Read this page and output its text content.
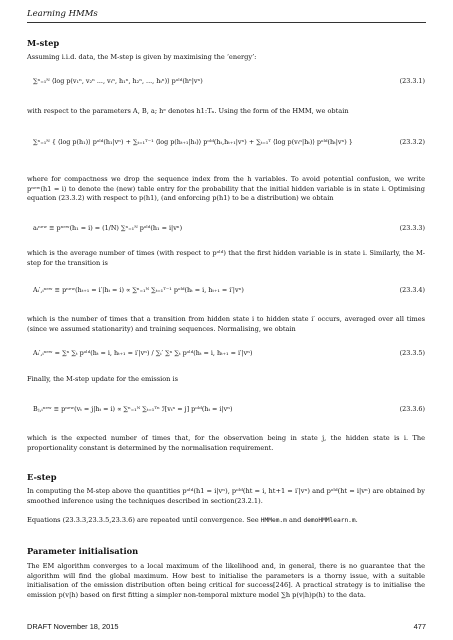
Learning HMMs
M-step
Assuming i.i.d. data, the M-step is given by maximising the ‘energy’:
∑ⁿ₌₁ᴺ ⟨log p(v₁ⁿ, v₂ⁿ ..., vₜⁿ, h₁ⁿ, h₂ⁿ, ..., hₜⁿ)⟩ pᵒˡᵈ(hⁿ|vⁿ)	(23.3.1)
with respect to the parameters A, B, a; hᵉ denotes h1:Tₙ. Using the form of the HMM, we obtain
∑ⁿ₌₁ᴺ { ⟨log p(h₁)⟩ pᵒˡᵈ(h₁|vⁿ) + ∑ₜ₌₁ᵀ⁻¹ ⟨log p(hₜ₊₁|hₜ)⟩ pᵒˡᵈ(hₜ,hₜ₊₁|vⁿ) + ∑ₜ₌₁ᵀ ⟨log p(vₜⁿ|hₜ)⟩ pᵒˡᵈ(hₜ|vⁿ) }	(23.3.2)
where for compactness we drop the sequence index from the h variables. To avoid potential confusion, we write pⁿᵉʷ(h1 = i) to denote the (new) table entry for the probability that the initial hidden variable is in state i. Optimising equation (23.3.2) with respect to p(h1), (and enforcing p(h1) to be a distribution) we obtain
aᵢⁿᵉʷ ≡ pⁿᵉʷ(h₁ = i) = (1/N) ∑ⁿ₌₁ᴺ pᵒˡᵈ(h₁ = i|vⁿ)	(23.3.3)
which is the average number of times (with respect to pᵒˡᵈ) that the first hidden variable is in state i. Similarly, the M-step for the transition is
Aᵢ′,ᵢⁿᵉʷ ≡ pⁿᵉʷ(hₜ₊₁ = i′|hₜ = i) ∝ ∑ⁿ₌₁ᴺ ∑ₜ₌₁ᵀ⁻¹ pᵒˡᵈ(hₜ = i, hₜ₊₁ = i′|vⁿ)	(23.3.4)
which is the number of times that a transition from hidden state i to hidden state i′ occurs, averaged over all times (since we assumed stationarity) and training sequences. Normalising, we obtain
Aᵢ′,ᵢⁿᵉʷ = ∑ⁿ ∑ₜ pᵒˡᵈ(hₜ = i, hₜ₊₁ = i′|vⁿ) / ∑ᵢ′ ∑ⁿ ∑ₜ pᵒˡᵈ(hₜ = i, hₜ₊₁ = i′|vⁿ)	(23.3.5)
Finally, the M-step update for the emission is
Bⱼ,ᵢⁿᵉʷ ≡ pⁿᵉʷ(vₜ = j|hₜ = i) ∝ ∑ⁿ₌₁ᴺ ∑ₜ₌₁ᵀⁿ ℐ[vₜⁿ = j] pᵒˡᵈ(hₜ = i|vⁿ)	(23.3.6)
which is the expected number of times that, for the observation being in state j, the hidden state is i. The proportionality constant is determined by the normalisation requirement.
E-step
In computing the M-step above the quantities pᵒˡᵈ(h1 = i|vⁿ), pᵒˡᵈ(ht = i, ht+1 = i′|vⁿ) and pᵒˡᵈ(ht = i|vⁿ) are obtained by smoothed inference using the techniques described in section(23.2.1).
Equations (23.3.3,23.3.5,23.3.6) are repeated until convergence. See HMMem.m and demoHMMlearn.m.
Parameter initialisation
The EM algorithm converges to a local maximum of the likelihood and, in general, there is no guarantee that the algorithm will find the global maximum. How best to initialise the parameters is a thorny issue, with a suitable initialisation of the emission distribution often being critical for success[246]. A practical strategy is to initialise the emission p(v|h) based on first fitting a simpler non-temporal mixture model ∑h p(v|h)p(h) to the data.
DRAFT November 18, 2015	477
